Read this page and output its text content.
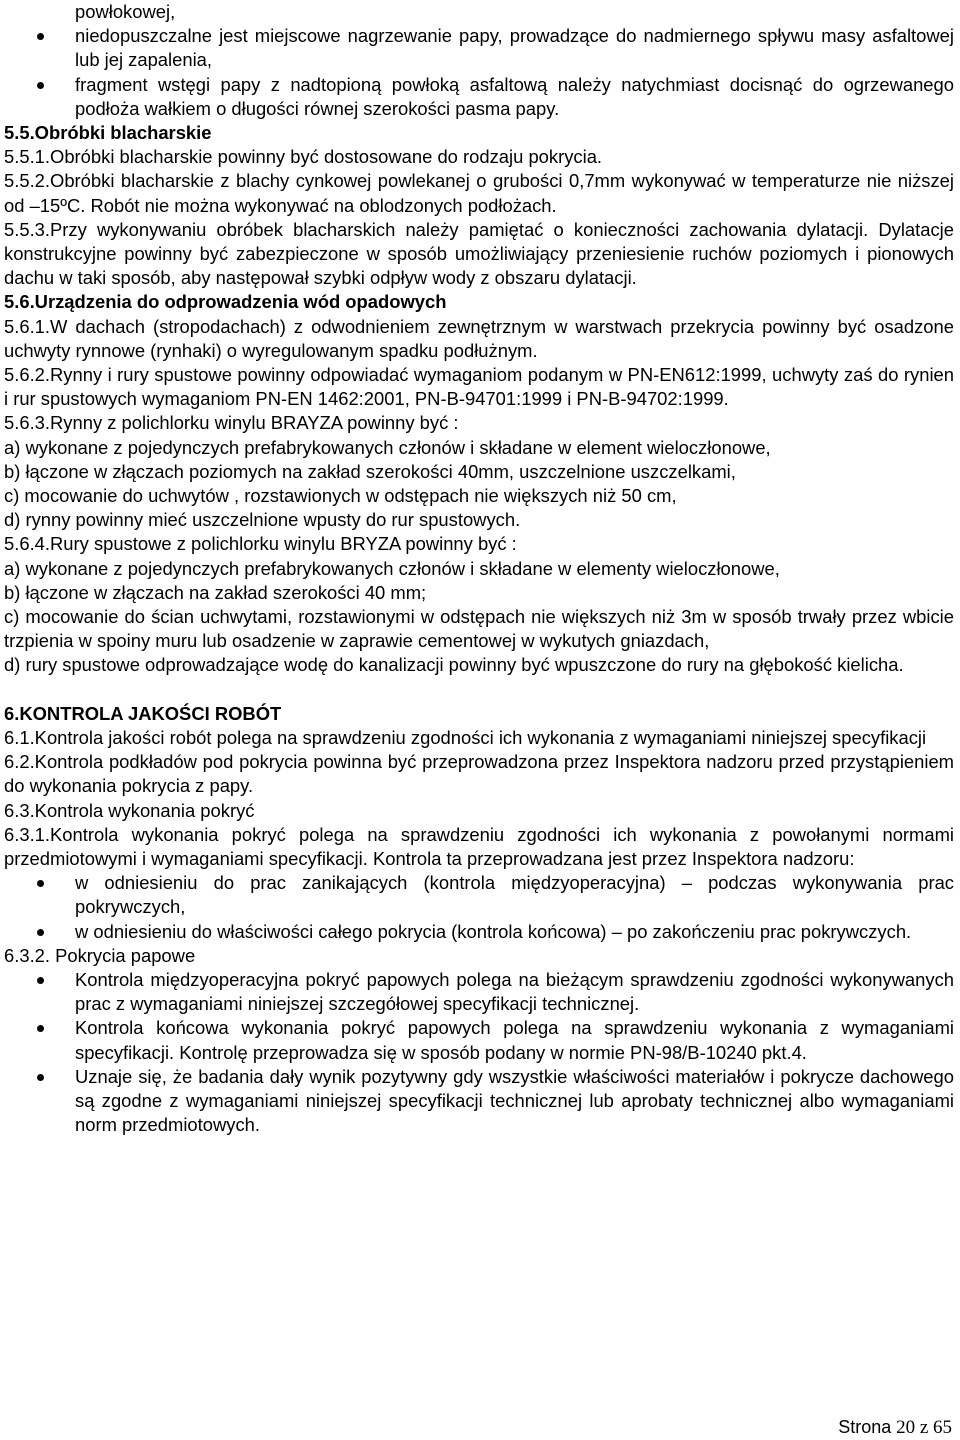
powłokowej,

niedopuszczalne jest miejscowe nagrzewanie papy, prowadzące do nadmiernego spływu masy asfaltowej lub jej zapalenia,
fragment wstęgi papy z nadtopioną powłoką asfaltową należy natychmiast docisnąć do ogrzewanego podłoża wałkiem o długości równej szerokości pasma papy.

5.5.Obróbki blacharskie

5.5.1.Obróbki blacharskie powinny być dostosowane do rodzaju pokrycia.

5.5.2.Obróbki blacharskie z blachy cynkowej powlekanej o grubości 0,7mm wykonywać w temperaturze nie niższej od –15ºC. Robót nie można wykonywać na oblodzonych podłożach.

5.5.3.Przy wykonywaniu obróbek blacharskich należy pamiętać o konieczności zachowania dylatacji. Dylatacje konstrukcyjne powinny być zabezpieczone w sposób umożliwiający przeniesienie ruchów poziomych i pionowych dachu w taki sposób, aby następował szybki odpływ wody z obszaru dylatacji.

5.6.Urządzenia do odprowadzenia wód opadowych

5.6.1.W dachach (stropodachach) z odwodnieniem zewnętrznym w warstwach przekrycia powinny być osadzone uchwyty rynnowe (rynhaki) o wyregulowanym spadku podłużnym.

5.6.2.Rynny i rury spustowe powinny odpowiadać wymaganiom podanym w PN-EN612:1999, uchwyty zaś do rynien i rur spustowych wymaganiom PN-EN 1462:2001, PN-B-94701:1999 i PN-B-94702:1999.

5.6.3.Rynny z polichlorku winylu BRAYZA powinny być :

a) wykonane z pojedynczych prefabrykowanych członów i składane w element wieloczłonowe,

b) łączone w złączach poziomych na zakład szerokości 40mm, uszczelnione uszczelkami,

c) mocowanie do uchwytów , rozstawionych w odstępach nie większych niż 50 cm,

d) rynny powinny mieć uszczelnione wpusty do rur spustowych.

5.6.4.Rury spustowe z polichlorku winylu BRYZA powinny być :

a) wykonane z pojedynczych prefabrykowanych członów i składane w elementy wieloczłonowe,

b) łączone w złączach na zakład szerokości 40 mm;

c) mocowanie do ścian uchwytami, rozstawionymi w odstępach nie większych niż 3m w sposób trwały przez wbicie trzpienia w spoiny muru lub osadzenie w zaprawie cementowej w wykutych gniazdach,

d) rury spustowe odprowadzające wodę do kanalizacji powinny być wpuszczone do rury na głębokość kielicha.

6.KONTROLA JAKOŚCI ROBÓT

6.1.Kontrola jakości robót polega na sprawdzeniu zgodności ich wykonania z wymaganiami niniejszej specyfikacji

6.2.Kontrola podkładów pod pokrycia powinna być przeprowadzona przez Inspektora nadzoru przed przystąpieniem do wykonania pokrycia z papy.

6.3.Kontrola wykonania pokryć

6.3.1.Kontrola wykonania pokryć polega na sprawdzeniu zgodności ich wykonania z powołanymi normami przedmiotowymi i wymaganiami specyfikacji. Kontrola ta przeprowadzana jest przez Inspektora nadzoru:

w odniesieniu do prac zanikających (kontrola międzyoperacyjna) – podczas wykonywania prac pokrywczych,
w odniesieniu do właściwości całego pokrycia (kontrola końcowa) – po zakończeniu prac pokrywczych.

6.3.2. Pokrycia papowe

Kontrola międzyoperacyjna pokryć papowych polega na bieżącym sprawdzeniu zgodności wykonywanych prac z wymaganiami niniejszej szczegółowej specyfikacji technicznej.
Kontrola końcowa wykonania pokryć papowych polega na sprawdzeniu wykonania z wymaganiami specyfikacji. Kontrolę przeprowadza się w sposób podany w normie PN-98/B-10240 pkt.4.
Uznaje się, że badania dały wynik pozytywny gdy wszystkie właściwości materiałów i pokrycze dachowego są zgodne z wymaganiami niniejszej specyfikacji technicznej lub aprobaty technicznej albo wymaganiami norm przedmiotowych.
Strona 20 z 65
